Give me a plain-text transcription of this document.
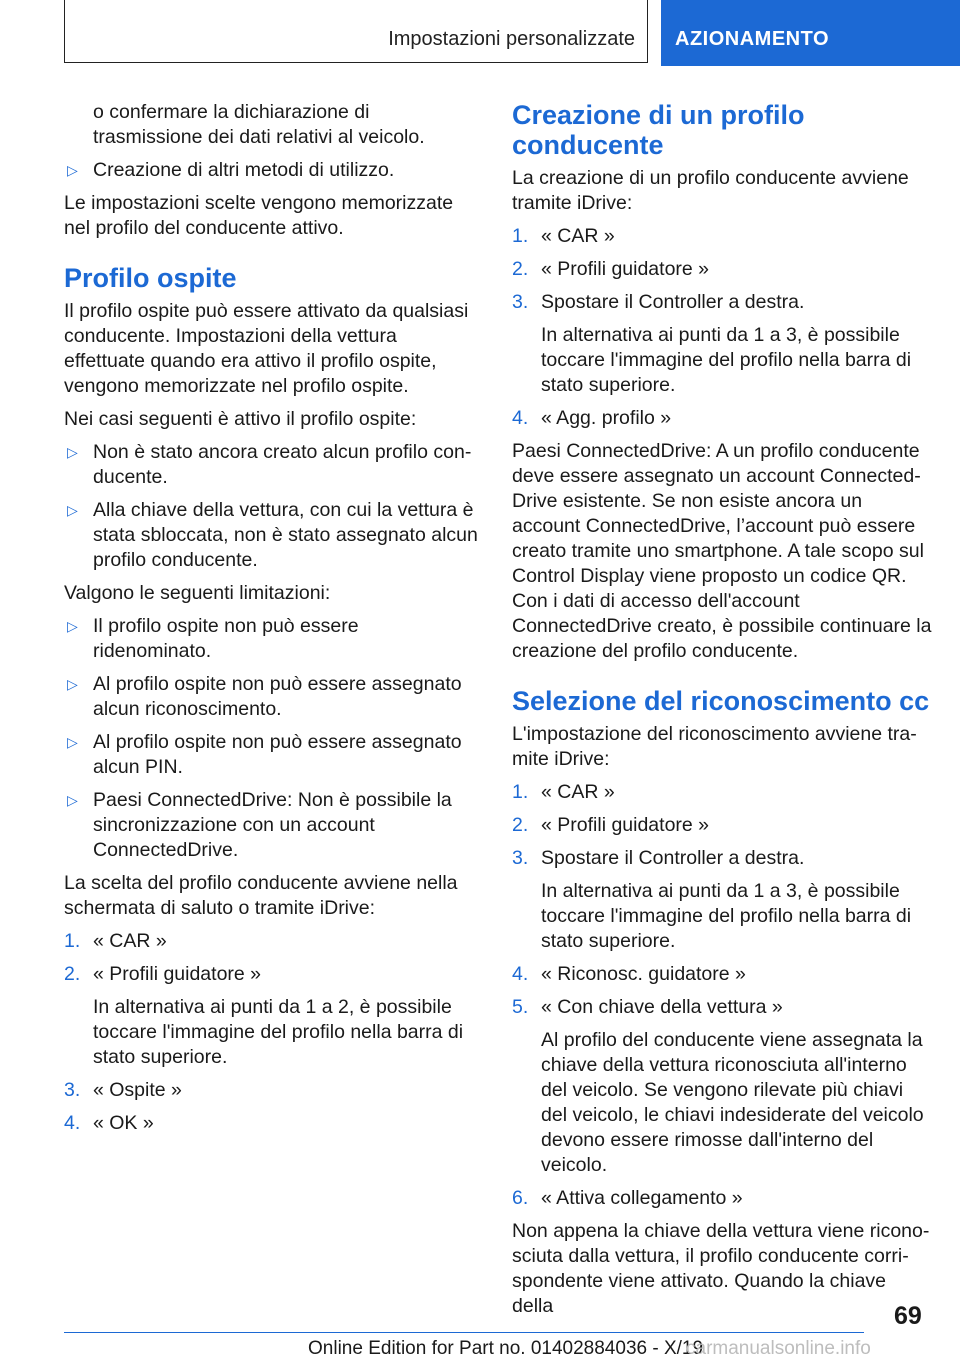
Impostazioni personalizzate AZIONAMENTO

o confermare la dichiarazione di trasmissione dei dati relativi al veicolo.

▷ Creazione di altri metodi di utilizzo.

Le impostazioni scelte vengono memorizzate nel profilo del conducente attivo.

Profilo ospite

Il profilo ospite può essere attivato da qualsiasi conducente. Impostazioni della vettura effettuate quando era attivo il profilo ospite, vengono memorizzate nel profilo ospite.

Nei casi seguenti è attivo il profilo ospite:

▷ Non è stato ancora creato alcun profilo conducente.
▷ Alla chiave della vettura, con cui la vettura è stata sbloccata, non è stato assegnato alcun profilo conducente.

Valgono le seguenti limitazioni:

▷ Il profilo ospite non può essere ridenominato.
▷ Al profilo ospite non può essere assegnato alcun riconoscimento.
▷ Al profilo ospite non può essere assegnato alcun PIN.
▷ Paesi ConnectedDrive: Non è possibile la sincronizzazione con un account ConnectedDrive.

La scelta del profilo conducente avviene nella schermata di saluto o tramite iDrive:

1. « CAR »
2. « Profili guidatore »

In alternativa ai punti da 1 a 2, è possibile toccare l'immagine del profilo nella barra di stato superiore.

3. « Ospite »
4. « OK »
Creazione di un profilo conducente

La creazione di un profilo conducente avviene tramite iDrive:

1. « CAR »
2. « Profili guidatore »
3. Spostare il Controller a destra.

In alternativa ai punti da 1 a 3, è possibile toccare l'immagine del profilo nella barra di stato superiore.

4. « Agg. profilo »

Paesi ConnectedDrive: A un profilo conducente deve essere assegnato un account ConnectedDrive esistente. Se non esiste ancora un account ConnectedDrive, l’account può essere creato tramite uno smartphone. A tale scopo sul Control Display viene proposto un codice QR. Con i dati di accesso dell'account ConnectedDrive creato, è possibile continuare la creazione del profilo conducente.

Selezione del riconoscimento cc

L'impostazione del riconoscimento avviene tramite iDrive:

1. « CAR »
2. « Profili guidatore »
3. Spostare il Controller a destra.

In alternativa ai punti da 1 a 3, è possibile toccare l'immagine del profilo nella barra di stato superiore.

4. « Riconosc. guidatore »
5. « Con chiave della vettura »

Al profilo del conducente viene assegnata la chiave della vettura riconosciuta all'interno del veicolo. Se vengono rilevate più chiavi del veicolo, le chiavi indesiderate del veicolo devono essere rimosse dall'interno del veicolo.

6. « Attiva collegamento »

Non appena la chiave della vettura viene riconosciuta dalla vettura, il profilo conducente corrispondente viene attivato. Quando la chiave della	69
Online Edition for Part no. 01402884036 - X/19
carmanualsonline.info
